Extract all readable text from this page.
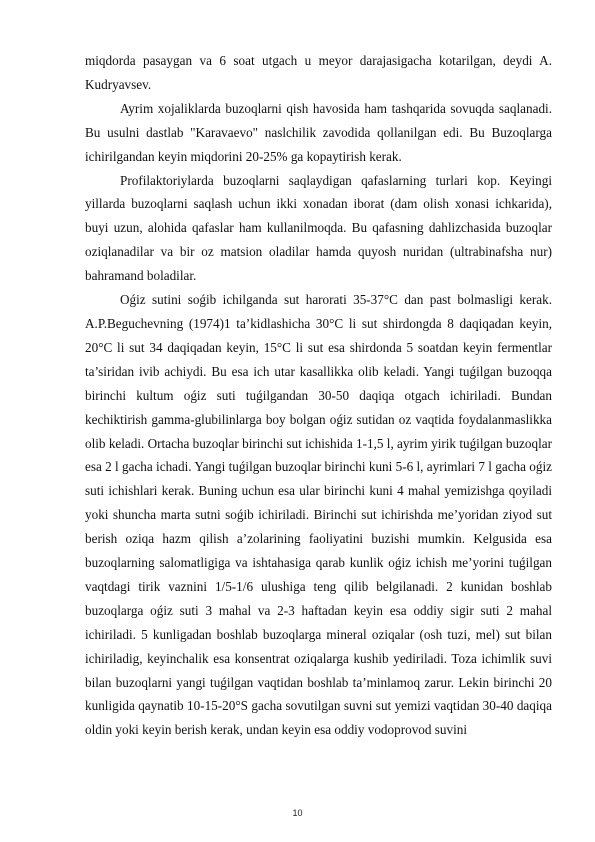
miqdorda pasaygan va 6 soat utgach u meyor darajasigacha kоtarilgan, deydi A. Kudryavsev.

Ayrim xоjaliklarda buzoqlarni qish havosida ham tashqarida sovuqda saqlanadi. Bu usulni dastlab "Karavaevo" naslchilik zavodida qоllanilgan edi. Bu Buzoqlarga ichirilgandan keyin miqdorini 20-25% ga kоpaytirish kerak.

Profilaktoriylarda buzoqlarni saqlaydigan qafaslarning turlari kоp. Keyingi yillarda buzoqlarni saqlash uchun ikki xonadan iborat (dam olish xonasi ichkarida), buyi uzun, alohida qafaslar ham kullanilmoqda. Bu qafasning dahlizchasida buzoqlar oziqlanadilar va bir oz matsion oladilar hamda quyosh nuridan (ultrabinafsha nur) bahramand bоladilar.

Oǵiz sutini soǵib ichilganda sut harorati 35-37°C dan past bоlmasligi kerak. A.P.Beguchevning (1974)1 ta’kidlashicha 30°C li sut shirdongda 8 daqiqadan keyin, 20°C li sut 34 daqiqadan keyin, 15°C li sut esa shirdonda 5 soatdan keyin fermentlar ta’siridan ivib achiydi. Bu esa ich utar kasallikka olib keladi. Yangi tuǵilgan buzoqqa birinchi kultum oǵiz suti tuǵilgandan 30-50 daqiqa оtgach ichiriladi. Bundan kechiktirish gamma-glubilinlarga boy bоlgan oǵiz sutidan оz vaqtida foydalanmaslikka olib keladi. Оrtacha buzoqlar birinchi sut ichishida 1-1,5 l, ayrim yirik tuǵilgan buzoqlar esa 2 l gacha ichadi. Yangi tuǵilgan buzoqlar birinchi kuni 5-6 l, ayrimlari 7 l gacha oǵiz suti ichishlari kerak. Buning uchun esa ular birinchi kuni 4 mahal yemizishga qоyiladi yoki shuncha marta sutni soǵib ichiriladi. Birinchi sut ichirishda me’yoridan ziyod sut berish oziqa hazm qilish a’zolarining faoliyatini buzishi mumkin. Kelgusida esa buzoqlarning salomatligiga va ishtahasiga qarab kunlik oǵiz ichish me’yorini tuǵilgan vaqtdagi tirik vaznini 1/5-1/6 ulushiga teng qilib belgilanadi. 2 kunidan boshlab buzoqlarga oǵiz suti 3 mahal va 2-3 haftadan keyin esa oddiy sigir suti 2 mahal ichiriladi. 5 kunligadan boshlab buzoqlarga mineral oziqalar (osh tuzi, mel) sut bilan ichiriladig, keyinchalik esa konsentrat oziqalarga kushib yediriladi. Toza ichimlik suvi bilan buzoqlarni yangi tuǵilgan vaqtidan boshlab ta’minlamoq zarur. Lekin birinchi 20 kunligida qaynatib 10-15-20°S gacha sovutilgan suvni sut yemizi vaqtidan 30-40 daqiqa oldin yoki keyin berish kerak, undan keyin esa oddiy vodoprovod suvini

10
